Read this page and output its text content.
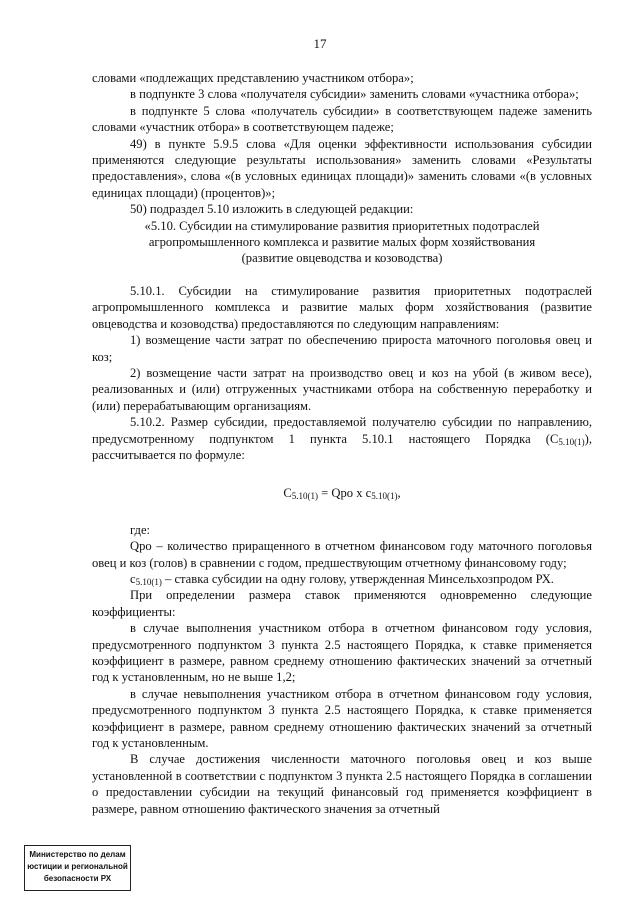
17

словами «подлежащих представлению участником отбора»;

в подпункте 3 слова «получателя субсидии» заменить словами «участника отбора»;

в подпункте 5 слова «получатель субсидии» в соответствующем падеже заменить словами «участник отбора» в соответствующем падеже;

49) в пункте 5.9.5 слова «Для оценки эффективности использования субсидии применяются следующие результаты использования» заменить словами «Результаты предоставления», слова «(в условных единицах площади)» заменить словами «(в условных единицах площади) (процентов)»;

50) подраздел 5.10 изложить в следующей редакции:

«5.10. Субсидии на стимулирование развития приоритетных подотраслей

агропромышленного комплекса и развитие малых форм хозяйствования

(развитие овцеводства и козоводства)

5.10.1. Субсидии на стимулирование развития приоритетных подотраслей агропромышленного комплекса и развитие малых форм хозяйствования (развитие овцеводства и козоводства) предоставляются по следующим направлениям:

1) возмещение части затрат по обеспечению прироста маточного поголовья овец и коз;

2) возмещение части затрат на производство овец и коз на убой (в живом весе), реализованных и (или) отгруженных участниками отбора на собственную переработку и (или) перерабатывающим организациям.

5.10.2. Размер субсидии, предоставляемой получателю субсидии по направлению, предусмотренному подпунктом 1 пункта 5.10.1 настоящего Порядка $(C_{5.10(1)})$, рассчитывается по формуле:

$C_{5.10(1)}$ = Qpo x $c_{5.10(1)}$,

где:

Qpo – количество приращенного в отчетном финансовом году маточного поголовья овец и коз (голов) в сравнении с годом, предшествующим отчетному финансовому году;

$c_{5.10(1)}$ – ставка субсидии на одну голову, утвержденная Минсельхозпродом РХ.

При определении размера ставок применяются одновременно следующие коэффициенты:

в случае выполнения участником отбора в отчетном финансовом году условия, предусмотренного подпунктом 3 пункта 2.5 настоящего Порядка, к ставке применяется коэффициент в размере, равном среднему отношению фактических значений за отчетный год к установленным, но не выше 1,2;

в случае невыполнения участником отбора в отчетном финансовом году условия, предусмотренного подпунктом 3 пункта 2.5 настоящего Порядка, к ставке применяется коэффициент в размере, равном среднему отношению фактических значений за отчетный год к установленным.

В случае достижения численности маточного поголовья овец и коз выше установленной в соответствии с подпунктом 3 пункта 2.5 настоящего Порядка в соглашении о предоставлении субсидии на текущий финансовый год применяется коэффициент в размере, равном отношению фактического значения за отчетный

Министерство по делам
юстиции и региональной
безопасности РХ
